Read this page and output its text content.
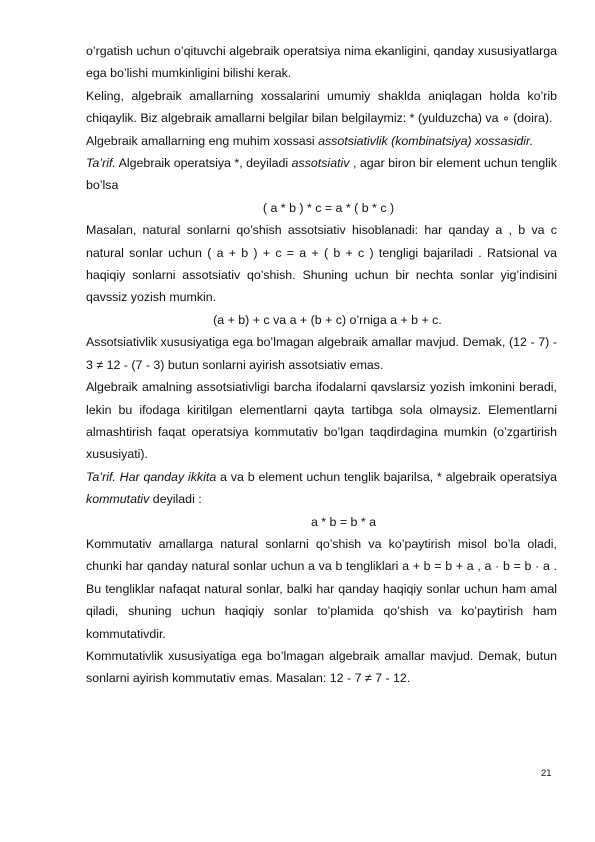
o’rgatish uchun o’qituvchi algebraik operatsiya nima ekanligini, qanday xususiyatlarga ega bo’lishi mumkinligini bilishi kerak.

Keling, algebraik amallarning xossalarini umumiy shaklda aniqlagan holda ko’rib chiqaylik. Biz algebraik amallarni belgilar bilan belgilaymiz: * (yulduzcha) va ∘ (doira).

Algebraik amallarning eng muhim xossasi assotsiativlik (kombinatsiya) xossasidir.

Ta’rif. Algebraik operatsiya *, deyiladi assotsiativ , agar biron bir element uchun tenglik bo’lsa

( a * b ) * c = a * ( b * c )

Masalan, natural sonlarni qo’shish assotsiativ hisoblanadi: har qanday a , b va c natural sonlar uchun ( a + b ) + c = a + ( b + c ) tengligi bajariladi . Ratsional va haqiqiy sonlarni assotsiativ qo’shish. Shuning uchun bir nechta sonlar yig’indisini qavssiz yozish mumkin.

(a + b) + c va a + (b + c) o’rniga a + b + c.

Assotsiativlik xususiyatiga ega bo’lmagan algebraik amallar mavjud. Demak, (12 - 7) - 3 ≠ 12 - (7 - 3) butun sonlarni ayirish assotsiativ emas.

Algebraik amalning assotsiativligi barcha ifodalarni qavslarsiz yozish imkonini beradi, lekin bu ifodaga kiritilgan elementlarni qayta tartibga sola olmaysiz. Elementlarni almashtirish faqat operatsiya kommutativ bo’lgan taqdirdagina mumkin (o’zgartirish xususiyati).

Ta’rif. Har qanday ikkita a va b element uchun tenglik bajarilsa, * algebraik operatsiya kommutativ deyiladi :

a * b = b * a

Kommutativ amallarga natural sonlarni qo’shish va ko’paytirish misol bo’la oladi, chunki har qanday natural sonlar uchun a va b tengliklari a + b = b + a , a · b = b · a . Bu tengliklar nafaqat natural sonlar, balki har qanday haqiqiy sonlar uchun ham amal qiladi, shuning uchun haqiqiy sonlar to’plamida qo’shish va ko’paytirish ham kommutativdir.

Kommutativlik xususiyatiga ega bo’lmagan algebraik amallar mavjud. Demak, butun sonlarni ayirish kommutativ emas. Masalan: 12 - 7 ≠ 7 - 12.

21
